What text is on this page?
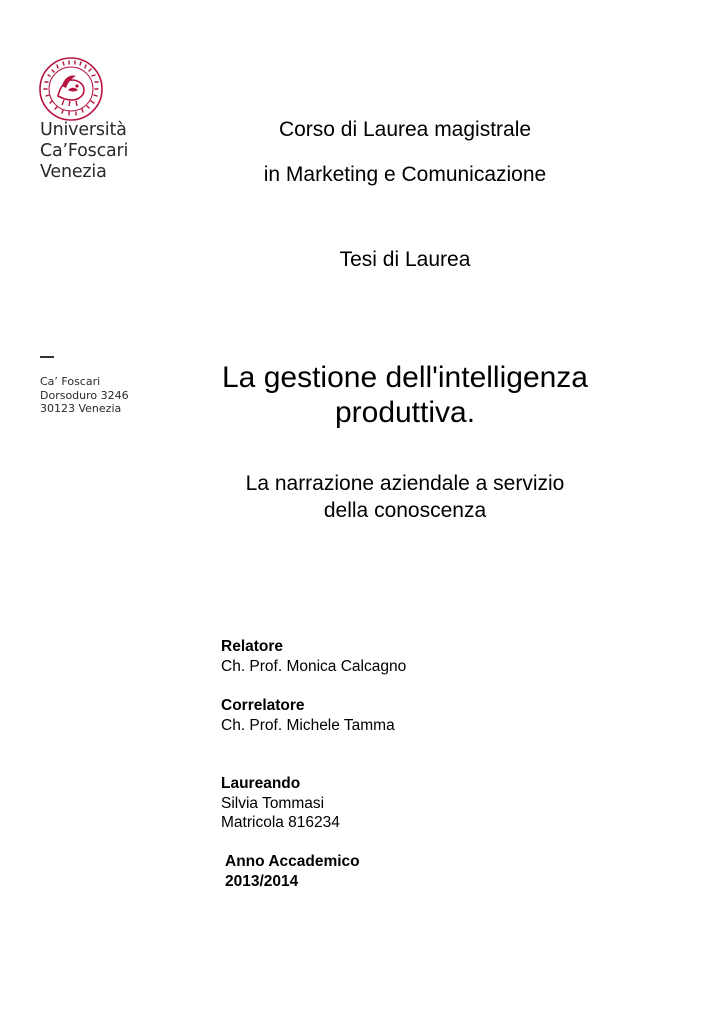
Università
Ca’Foscari
Venezia
Ca’ Foscari
Dorsoduro 3246
30123 Venezia
Corso di Laurea magistrale
in Marketing e Comunicazione
Tesi di Laurea
La gestione dell'intelligenza
produttiva.
La narrazione aziendale a servizio
della conoscenza
Relatore
Ch. Prof. Monica Calcagno
Correlatore
Ch. Prof. Michele Tamma
Laureando
Silvia Tommasi
Matricola 816234
Anno Accademico
2013/2014
